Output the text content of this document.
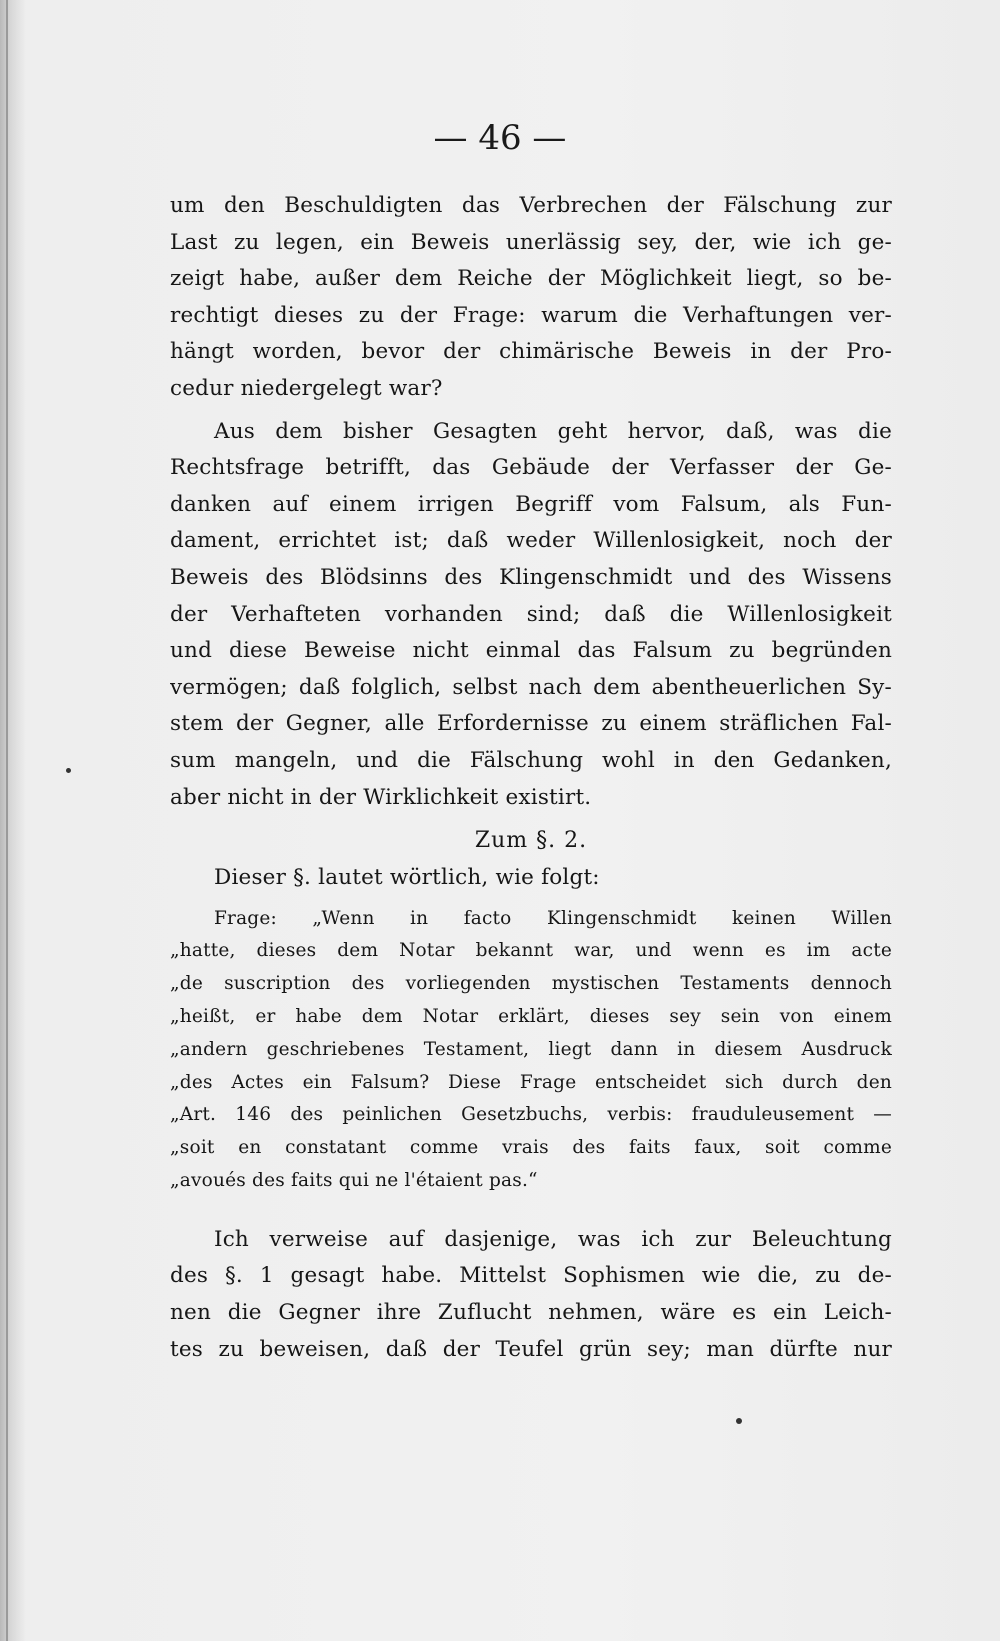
— 46 —
um den Beschuldigten das Verbrechen der Fälschung zur
Last zu legen, ein Beweis unerlässig sey, der, wie ich ge-
zeigt habe, außer dem Reiche der Möglichkeit liegt, so be-
rechtigt dieses zu der Frage: warum die Verhaftungen ver-
hängt worden, bevor der chimärische Beweis in der Pro-
cedur niedergelegt war?
Aus dem bisher Gesagten geht hervor, daß, was die
Rechtsfrage betrifft, das Gebäude der Verfasser der Ge-
danken auf einem irrigen Begriff vom Falsum, als Fun-
dament, errichtet ist; daß weder Willenlosigkeit, noch der
Beweis des Blödsinns des Klingenschmidt und des Wissens
der Verhafteten vorhanden sind; daß die Willenlosigkeit
und diese Beweise nicht einmal das Falsum zu begründen
vermögen; daß folglich, selbst nach dem abentheuerlichen Sy-
stem der Gegner, alle Erfordernisse zu einem sträflichen Fal-
sum mangeln, und die Fälschung wohl in den Gedanken,
aber nicht in der Wirklichkeit existirt.
Zum §. 2.
Dieser §. lautet wörtlich, wie folgt:
Frage: „Wenn in facto Klingenschmidt keinen Willen
„hatte, dieses dem Notar bekannt war, und wenn es im acte
„de suscription des vorliegenden mystischen Testaments dennoch
„heißt, er habe dem Notar erklärt, dieses sey sein von einem
„andern geschriebenes Testament, liegt dann in diesem Ausdruck
„des Actes ein Falsum? Diese Frage entscheidet sich durch den
„Art. 146 des peinlichen Gesetzbuchs, verbis: frauduleusement —
„soit en constatant comme vrais des faits faux, soit comme
„avoués des faits qui ne l'étaient pas.“
Ich verweise auf dasjenige, was ich zur Beleuchtung
des §. 1 gesagt habe. Mittelst Sophismen wie die, zu de-
nen die Gegner ihre Zuflucht nehmen, wäre es ein Leich-
tes zu beweisen, daß der Teufel grün sey; man dürfte nur
